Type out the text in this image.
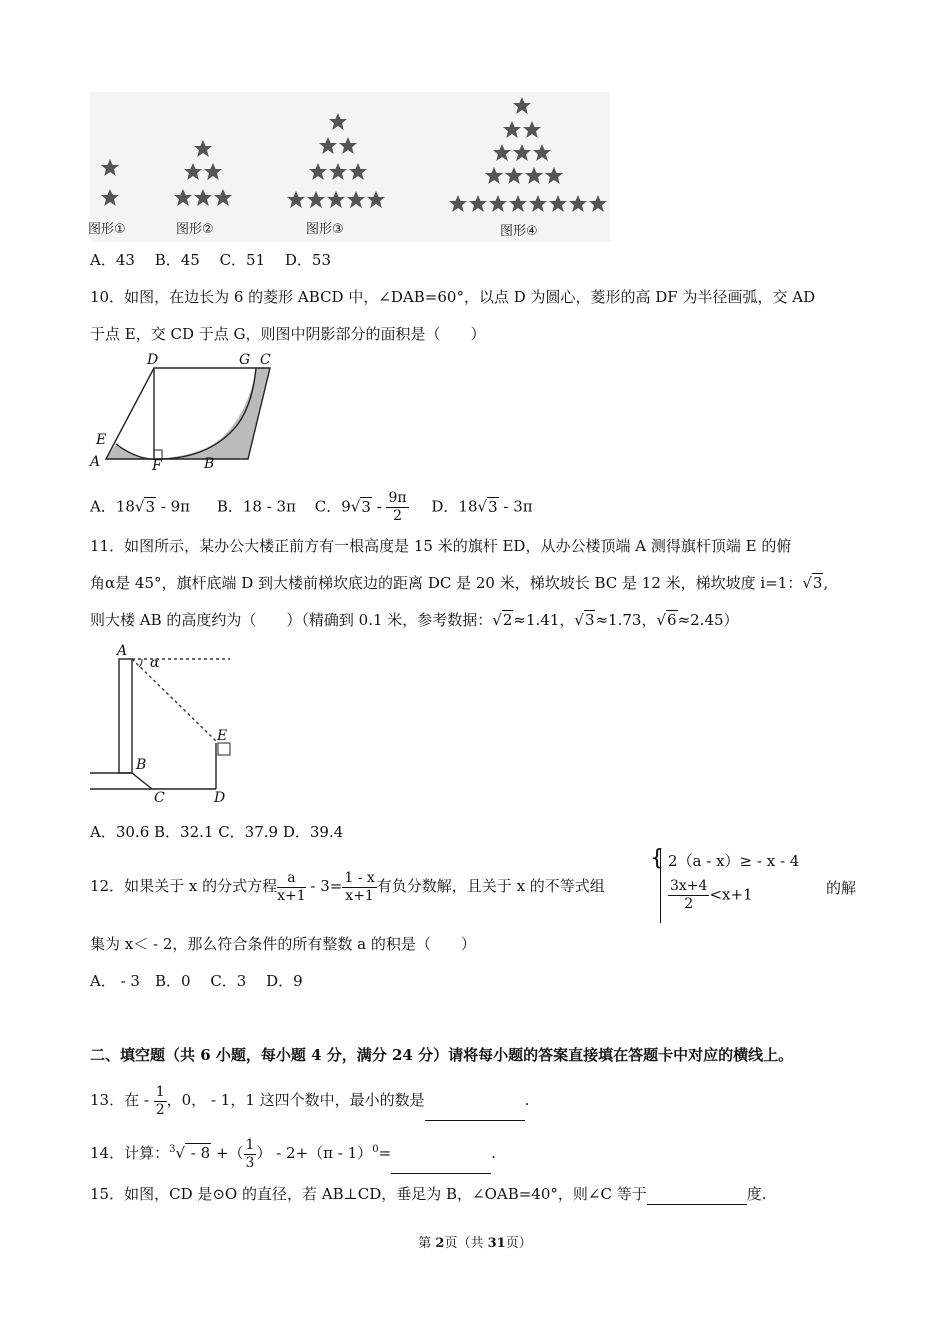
图形①	图形②	图形③	图形④
A．43　 B．45　 C．51　 D．53
10．如图，在边长为 6 的菱形 ABCD 中，∠DAB=60°，以点 D 为圆心，菱形的高 DF 为半径画弧，交 AD
于点 E，交 CD 于点 G，则图中阴影部分的面积是（　　）
D	G C
E
A	F	B
A．18√3 - 9π B．18 - 3π C．$9√3 - \frac{9\pi}{2}$ D．18√3 - 3π
11．如图所示，某办公大楼正前方有一根高度是 15 米的旗杆 ED，从办公楼顶端 A 测得旗杆顶端 E 的俯
角α是 45°，旗杆底端 D 到大楼前梯坎底边的距离 DC 是 20 米，梯坎坡长 BC 是 12 米，梯坎坡度 i=1：√3,
则大楼 AB 的高度约为（　　）（精确到 0.1 米，参考数据：√2≈1.41，√3≈1.73，√6≈2.45）
A
α
E
B
C	D
A．30.6 B．32.1 C．37.9 D．39.4
12．如果关于 x 的分式方程 $\frac{a}{x+1} - 3= \frac{1 - x}{x+1}$ 有负分数解，且关于 x 的不等式组
{ 2（a - x）≥ - x - 4
$\frac{3x+4}{2} <x+1$	的解
集为 x＜ - 2，那么符合条件的所有整数 a 的积是（　　）
A． - 3　B．0　 C．3　 D．9
二、填空题（共 6 小题，每小题 4 分，满分 24 分）请将每小题的答案直接填在答题卡中对应的横线上。
13．在 - $\frac{1}{2}$ ，0， - 1，1 这四个数中，最小的数是	.
14．计算：$^3$√ - 8 +（ $\frac{1}{3}$ ） - 2+（π - 1）$^0$=	.
15．如图，CD 是⊙O 的直径，若 AB⊥CD，垂足为 B，∠OAB=40°，则∠C 等于	度.
第 2页（共 31页）
